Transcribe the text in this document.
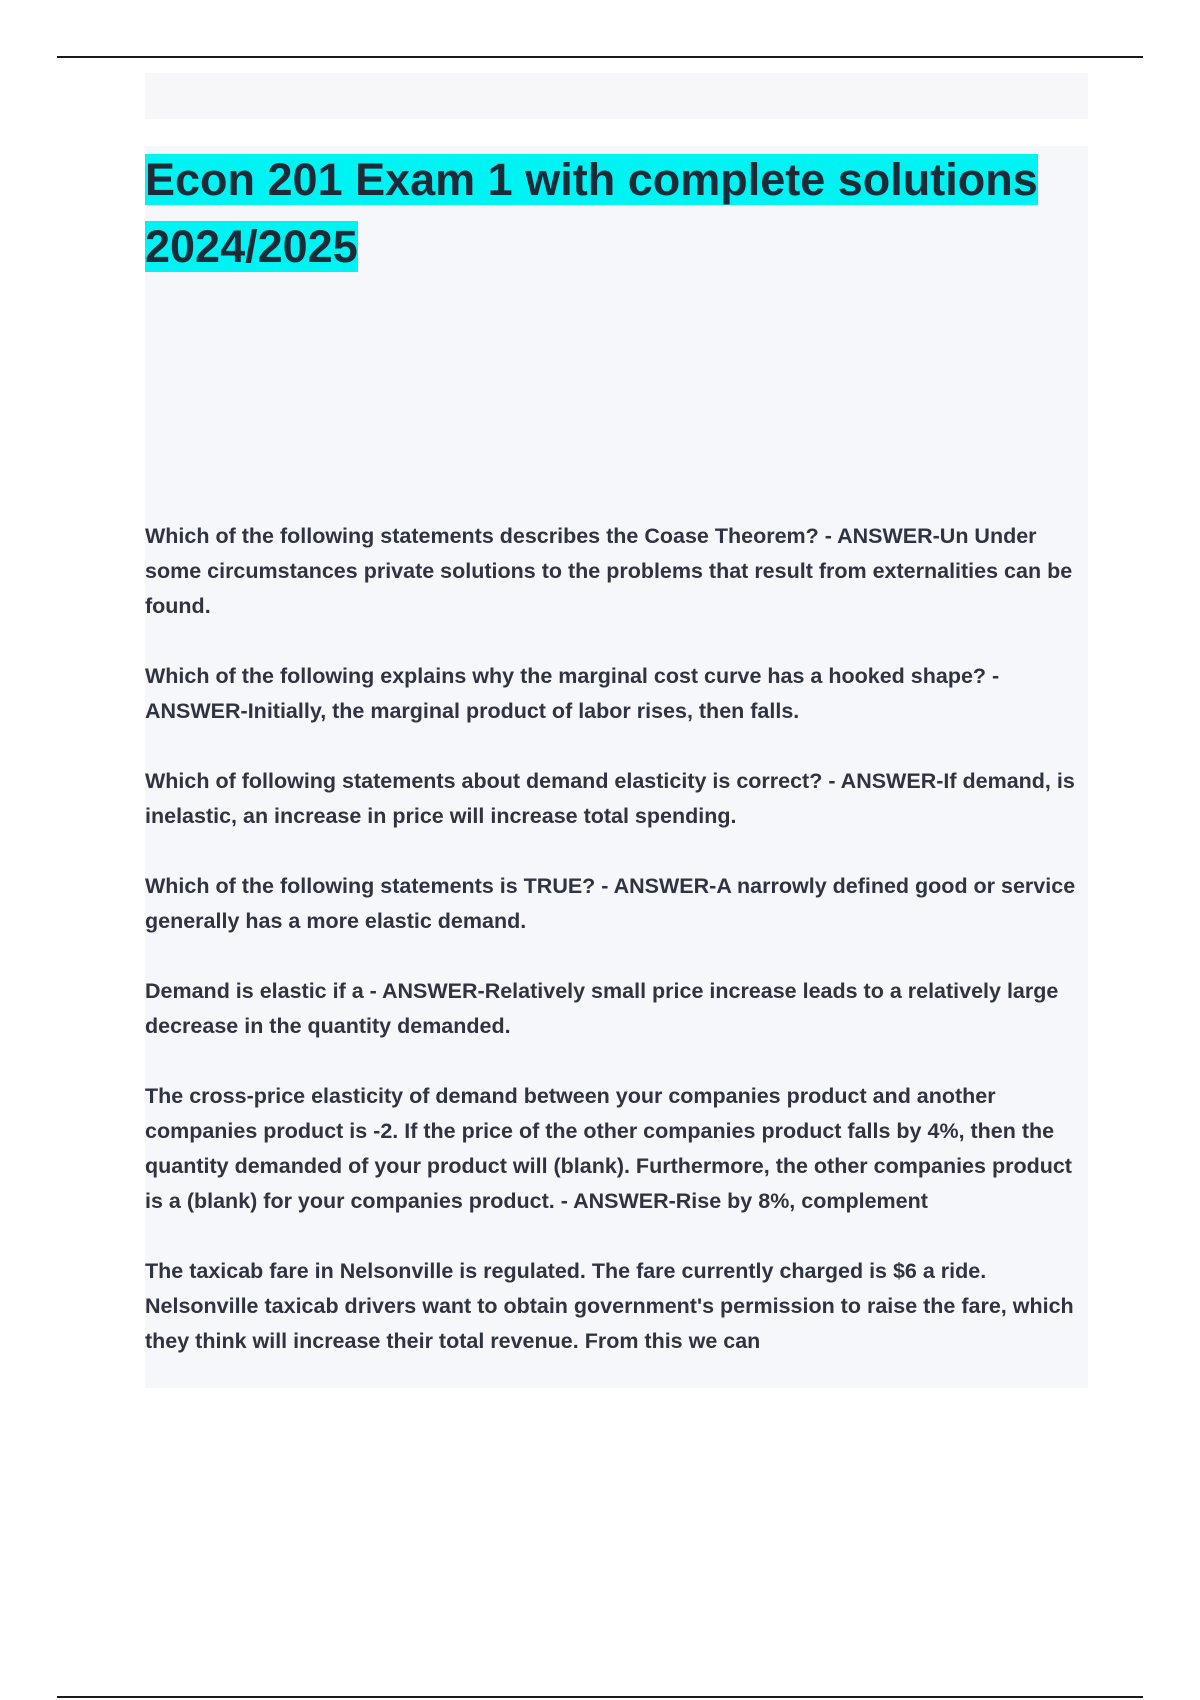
Econ 201 Exam 1 with complete solutions
2024/2025

Which of the following statements describes the Coase Theorem? - ANSWER-Un Under some circumstances private solutions to the problems that result from externalities can be found.

Which of the following explains why the marginal cost curve has a hooked shape? - ANSWER-Initially, the marginal product of labor rises, then falls.

Which of following statements about demand elasticity is correct? - ANSWER-If demand, is inelastic, an increase in price will increase total spending.

Which of the following statements is TRUE? - ANSWER-A narrowly defined good or service generally has a more elastic demand.

Demand is elastic if a - ANSWER-Relatively small price increase leads to a relatively large decrease in the quantity demanded.

The cross-price elasticity of demand between your companies product and another companies product is -2. If the price of the other companies product falls by 4%, then the quantity demanded of your product will (blank). Furthermore, the other companies product is a (blank) for your companies product. - ANSWER-Rise by 8%, complement

The taxicab fare in Nelsonville is regulated. The fare currently charged is $6 a ride. Nelsonville taxicab drivers want to obtain government's permission to raise the fare, which they think will increase their total revenue. From this we can
